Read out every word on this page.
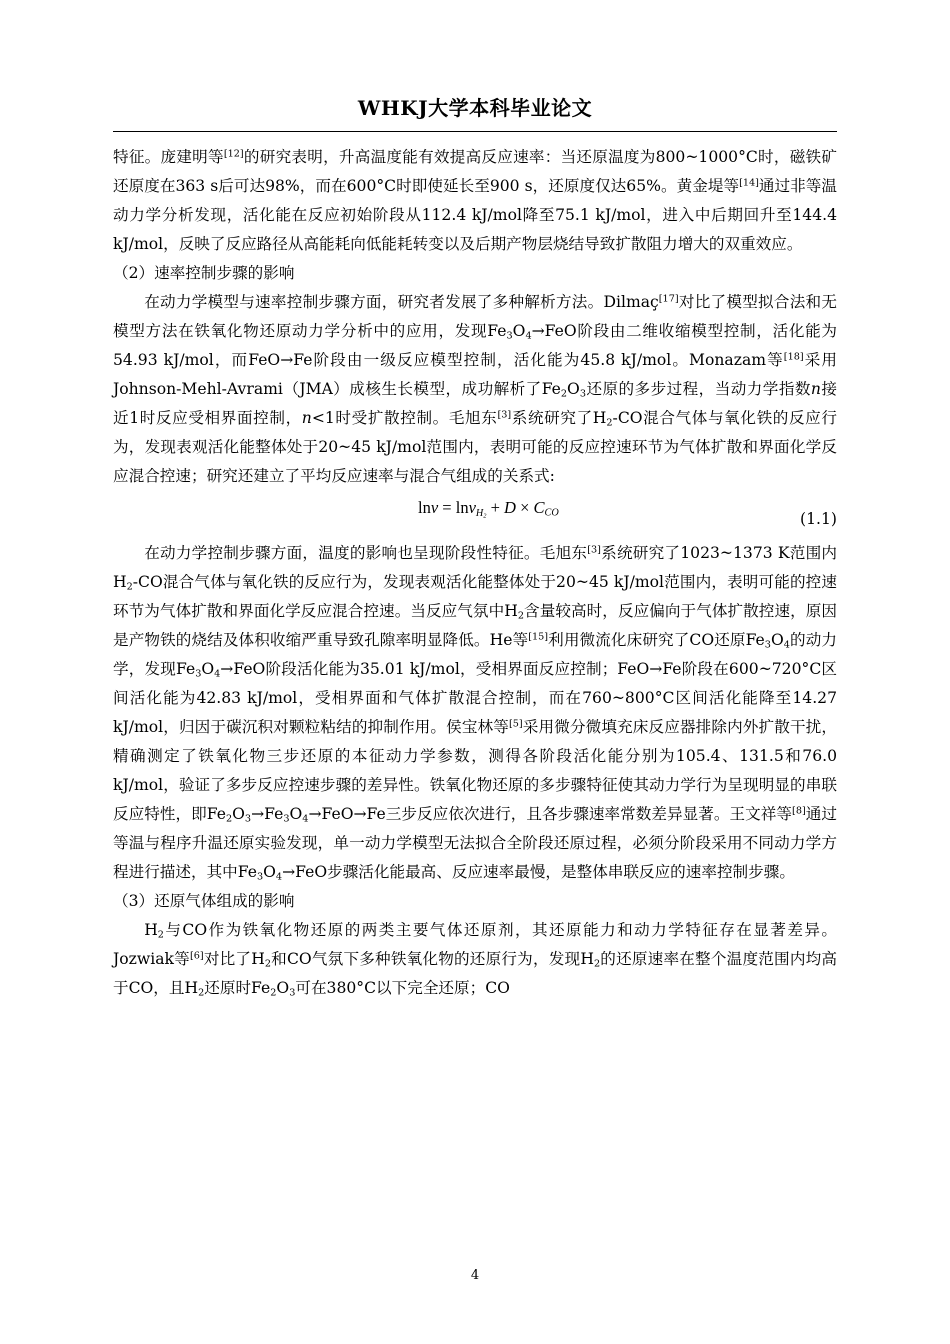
WHKJ大学本科毕业论文

特征。庞建明等[12]的研究表明，升高温度能有效提高反应速率：当还原温度为800~1000°C时，磁铁矿还原度在363 s后可达98%，而在600°C时即使延长至900 s，还原度仅达65%。黄金堤等[14]通过非等温动力学分析发现，活化能在反应初始阶段从112.4 kJ/mol降至75.1 kJ/mol，进入中后期回升至144.4 kJ/mol，反映了反应路径从高能耗向低能耗转变以及后期产物层烧结导致扩散阻力增大的双重效应。

（2）速率控制步骤的影响

在动力学模型与速率控制步骤方面，研究者发展了多种解析方法。Dilmaç[17]对比了模型拟合法和无模型方法在铁氧化物还原动力学分析中的应用，发现$Fe_3O_4\to FeO$阶段由二维收缩模型控制，活化能为54.93 kJ/mol，而FeO→Fe阶段由一级反应模型控制，活化能为45.8 kJ/mol。Monazam等[18]采用Johnson-Mehl-Avrami（JMA）成核生长模型，成功解析了$Fe_2O_3$还原的多步过程，当动力学指数n接近1时反应受相界面控制，n<1时受扩散控制。毛旭东[3]系统研究了$H_2-CO$混合气体与氧化铁的反应行为，发现表观活化能整体处于20~45 kJ/mol范围内，表明可能的反应控速环节为气体扩散和界面化学反应混合控速；研究还建立了平均反应速率与混合气组成的关系式:

$\ln\nu = \ln\nu_{H_2} + D \times C_{CO}$	(1.1)

在动力学控制步骤方面，温度的影响也呈现阶段性特征。毛旭东[3]系统研究了1023~1373 K范围内$H_2-CO$混合气体与氧化铁的反应行为，发现表观活化能整体处于20~45 kJ/mol范围内，表明可能的控速环节为气体扩散和界面化学反应混合控速。当反应气氛中$H_2$含量较高时，反应偏向于气体扩散控速，原因是产物铁的烧结及体积收缩严重导致孔隙率明显降低。He等[15]利用微流化床研究了CO还原$Fe_3O_4$的动力学，发现$Fe_3O_4\to FeO$阶段活化能为35.01 kJ/mol，受相界面反应控制；FeO→Fe阶段在600~720°C区间活化能为42.83 kJ/mol，受相界面和气体扩散混合控制，而在760~800°C区间活化能降至14.27 kJ/mol，归因于碳沉积对颗粒粘结的抑制作用。侯宝林等[5]采用微分微填充床反应器排除内外扩散干扰，精确测定了铁氧化物三步还原的本征动力学参数，测得各阶段活化能分别为105.4、131.5和76.0 kJ/mol，验证了多步反应控速步骤的差异性。铁氧化物还原的多步骤特征使其动力学行为呈现明显的串联反应特性，即$Fe_2O_3\to Fe_3O_4\to FeO\to Fe$三步反应依次进行，且各步骤速率常数差异显著。王文祥等[8]通过等温与程序升温还原实验发现，单一动力学模型无法拟合全阶段还原过程，必须分阶段采用不同动力学方程进行描述，其中$Fe_3O_4\to FeO$步骤活化能最高、反应速率最慢，是整体串联反应的速率控制步骤。

（3）还原气体组成的影响

$H_2$与CO作为铁氧化物还原的两类主要气体还原剂，其还原能力和动力学特征存在显著差异。Jozwiak等[6]对比了$H_2$和CO气氛下多种铁氧化物的还原行为，发现$H_2$的还原速率在整个温度范围内均高于CO，且$H_2$还原时$Fe_2O_3$可在380°C以下完全还原；CO

4
